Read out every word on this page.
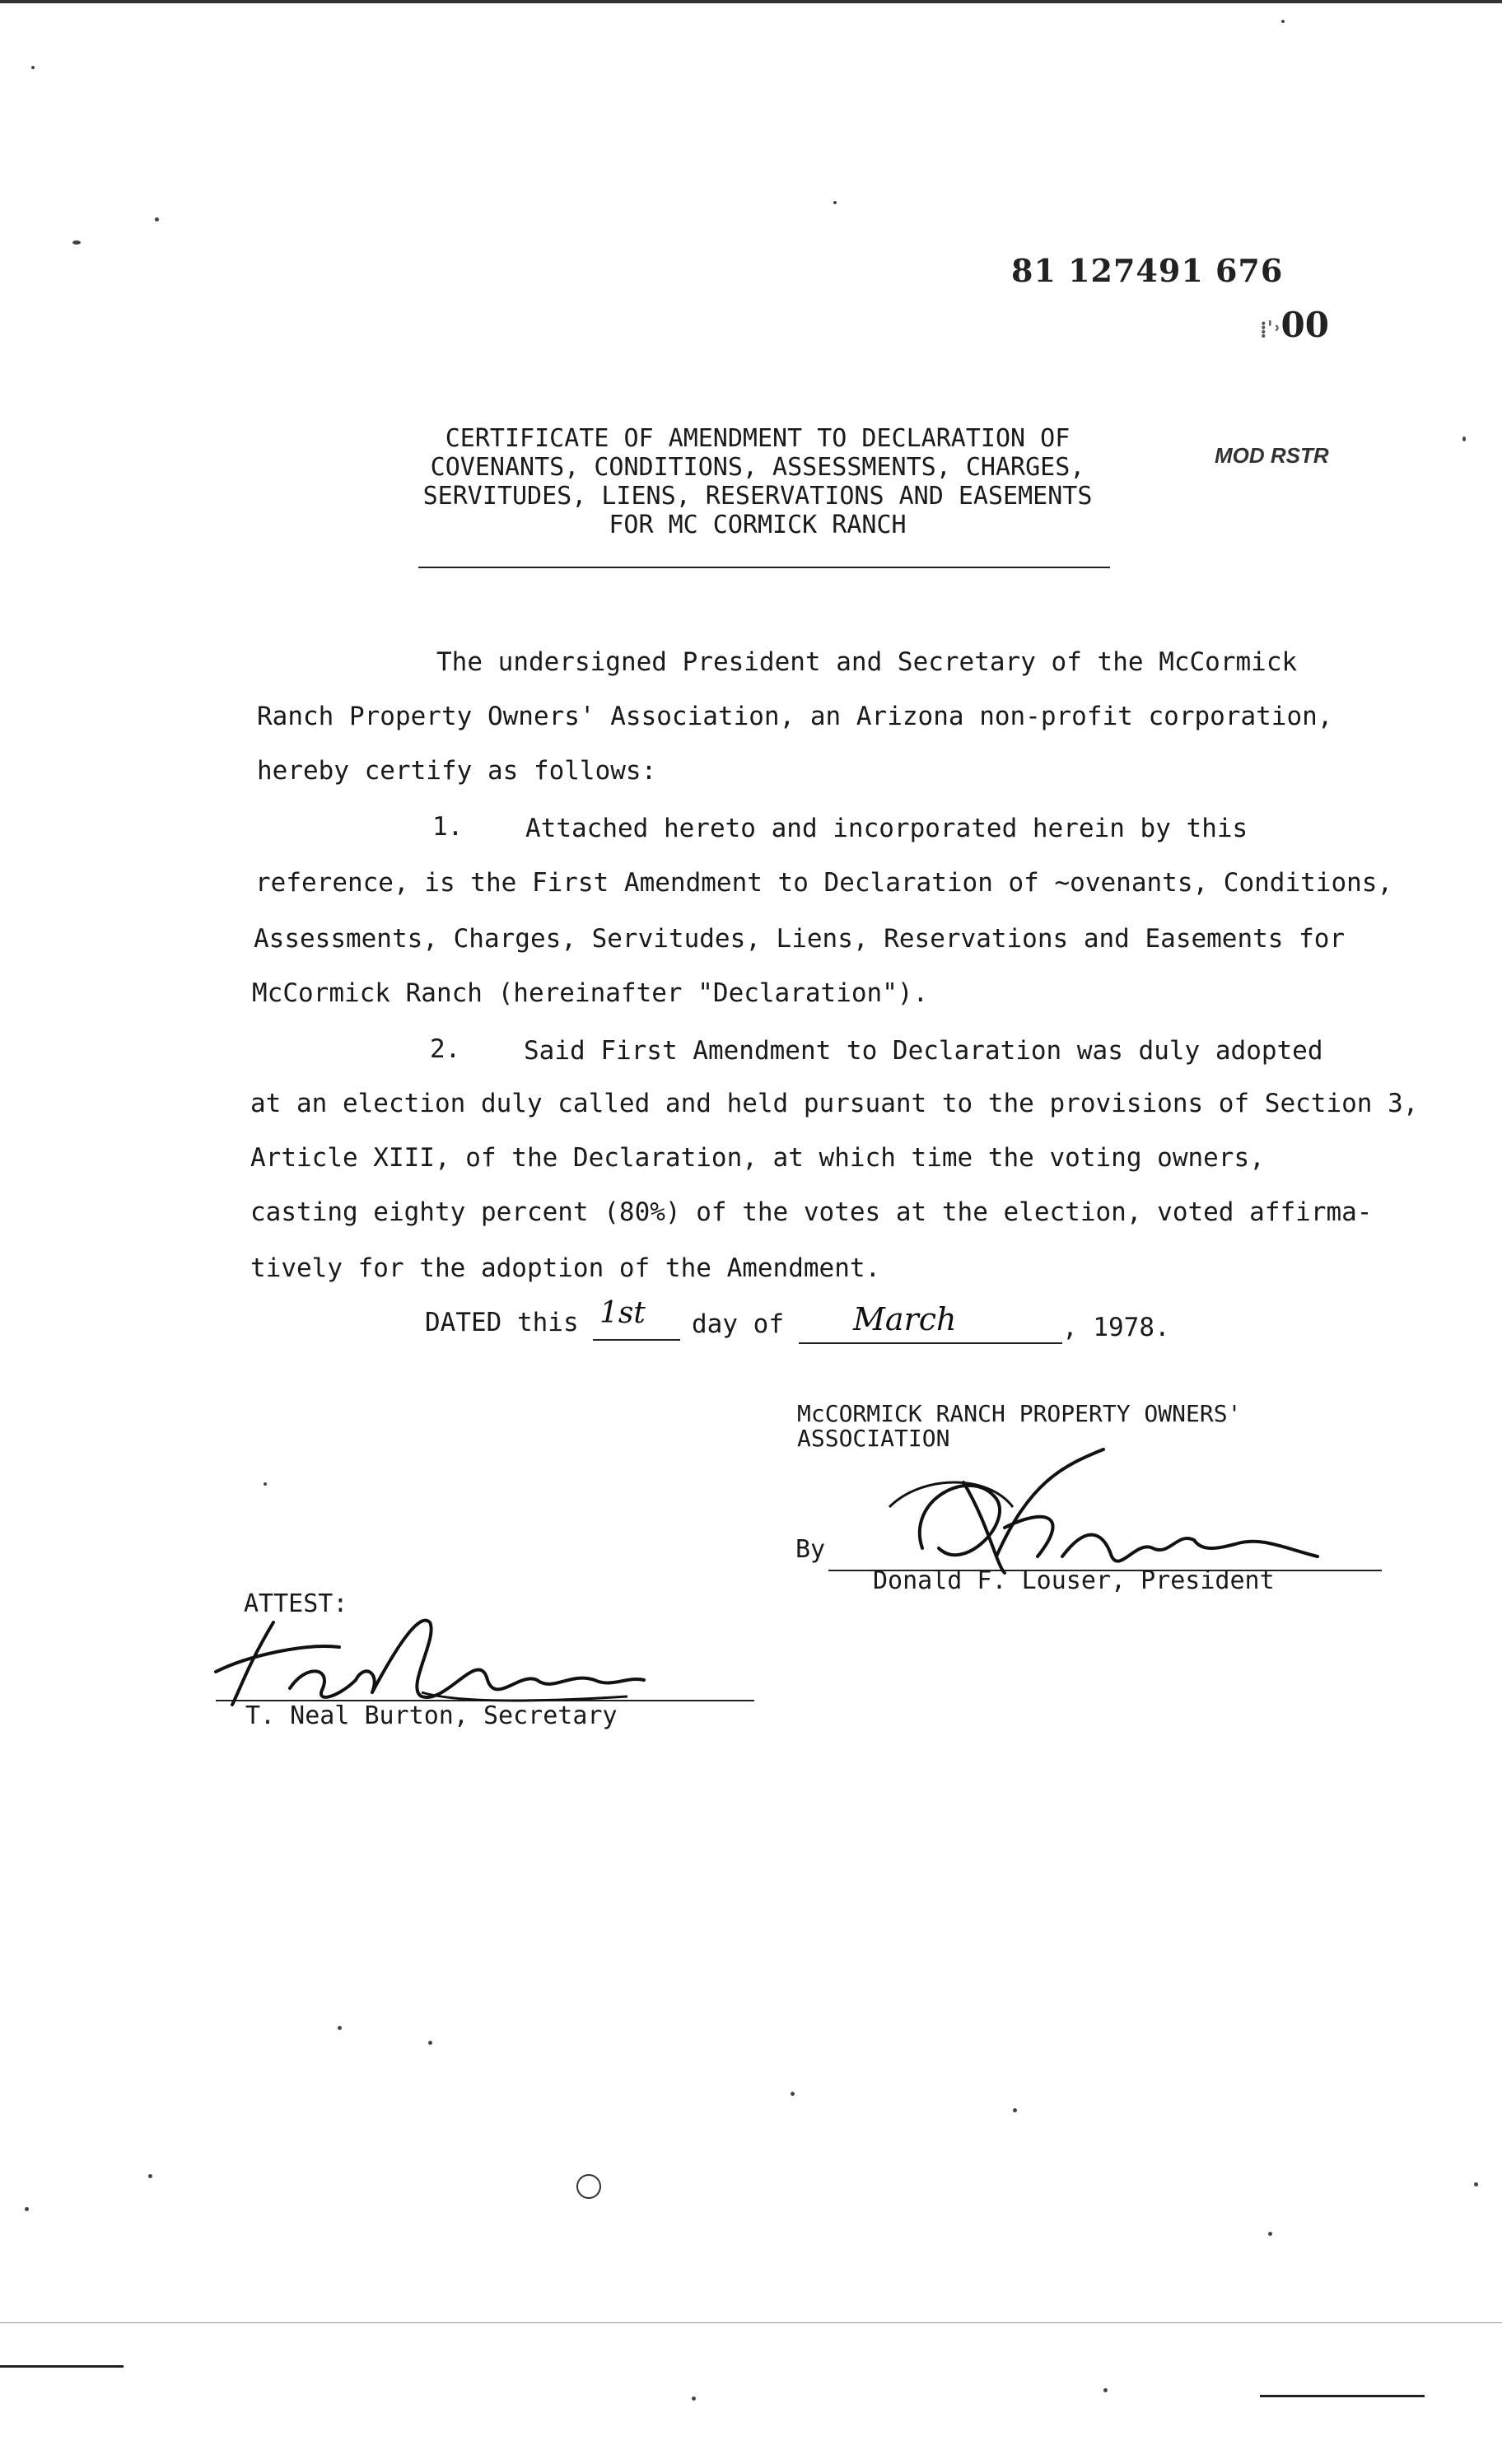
81 127491 676
⁞ˈ˒00
MOD RSTR
CERTIFICATE OF AMENDMENT TO DECLARATION OF
COVENANTS, CONDITIONS, ASSESSMENTS, CHARGES,
SERVITUDES, LIENS, RESERVATIONS AND EASEMENTS
FOR MC CORMICK RANCH
The undersigned President and Secretary of the McCormick
Ranch Property Owners' Association, an Arizona non-profit corporation,
hereby certify as follows:
1. Attached hereto and incorporated herein by this
reference, is the First Amendment to Declaration of ~ovenants, Conditions,
Assessments, Charges, Servitudes, Liens, Reservations and Easements for
McCormick Ranch (hereinafter "Declaration").
2. Said First Amendment to Declaration was duly adopted
at an election duly called and held pursuant to the provisions of Section 3,
Article XIII, of the Declaration, at which time the voting owners,
casting eighty percent (80%) of the votes at the election, voted affirma-
tively for the adoption of the Amendment.
DATED this 1st day of March	, 1978.
McCORMICK RANCH PROPERTY OWNERS'
ASSOCIATION
By
Donald F. Louser, President
ATTEST:
T. Neal Burton, Secretary
